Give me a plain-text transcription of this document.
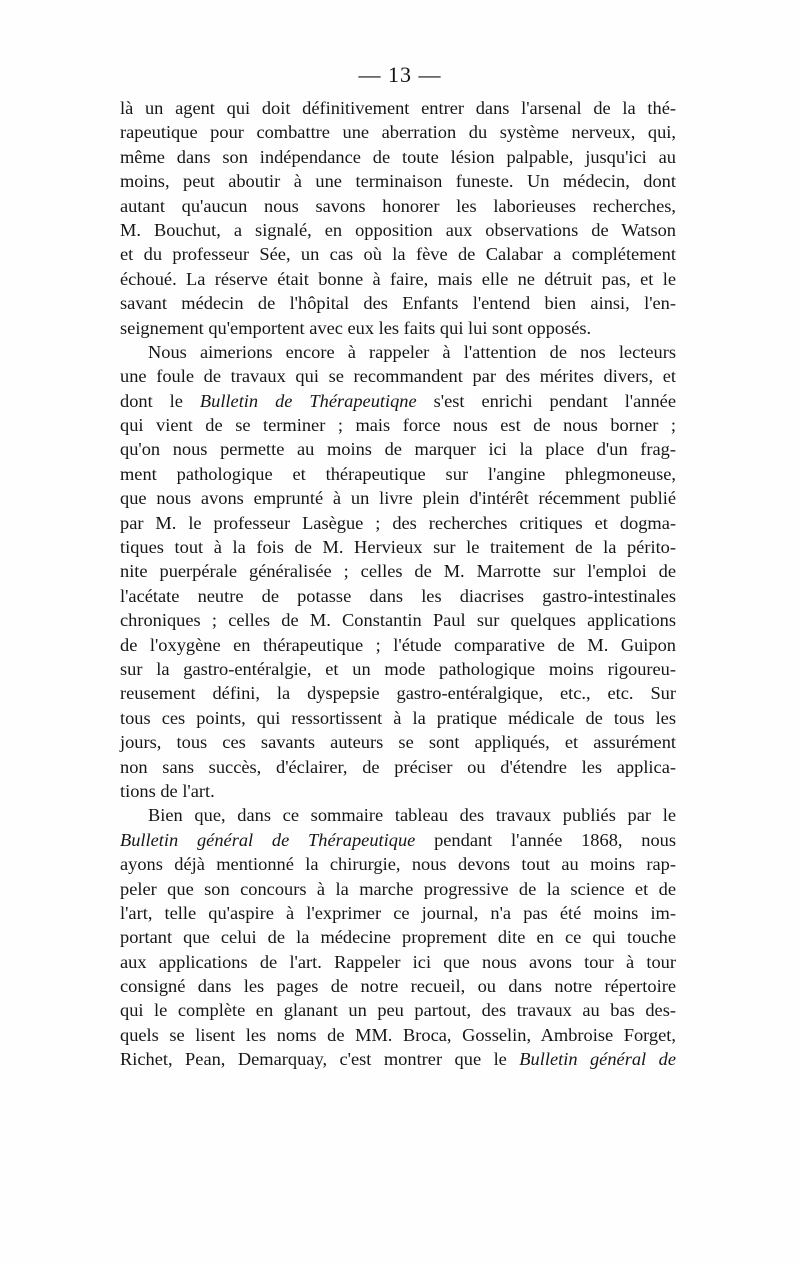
— 13 —
là un agent qui doit définitivement entrer dans l'arsenal de la thé-
rapeutique pour combattre une aberration du système nerveux, qui,
même dans son indépendance de toute lésion palpable, jusqu'ici au
moins, peut aboutir à une terminaison funeste. Un médecin, dont
autant qu'aucun nous savons honorer les laborieuses recherches,
M. Bouchut, a signalé, en opposition aux observations de Watson
et du professeur Sée, un cas où la fève de Calabar a complétement
échoué. La réserve était bonne à faire, mais elle ne détruit pas, et le
savant médecin de l'hôpital des Enfants l'entend bien ainsi, l'en-
seignement qu'emportent avec eux les faits qui lui sont opposés.
Nous aimerions encore à rappeler à l'attention de nos lecteurs
une foule de travaux qui se recommandent par des mérites divers, et
dont le Bulletin de Thérapeutiqne s'est enrichi pendant l'année
qui vient de se terminer ; mais force nous est de nous borner ;
qu'on nous permette au moins de marquer ici la place d'un frag-
ment pathologique et thérapeutique sur l'angine phlegmoneuse,
que nous avons emprunté à un livre plein d'intérêt récemment publié
par M. le professeur Lasègue ; des recherches critiques et dogma-
tiques tout à la fois de M. Hervieux sur le traitement de la périto-
nite puerpérale généralisée ; celles de M. Marrotte sur l'emploi de
l'acétate neutre de potasse dans les diacrises gastro-intestinales
chroniques ; celles de M. Constantin Paul sur quelques applications
de l'oxygène en thérapeutique ; l'étude comparative de M. Guipon
sur la gastro-entéralgie, et un mode pathologique moins rigoureu-
reusement défini, la dyspepsie gastro-entéralgique, etc., etc. Sur
tous ces points, qui ressortissent à la pratique médicale de tous les
jours, tous ces savants auteurs se sont appliqués, et assurément
non sans succès, d'éclairer, de préciser ou d'étendre les applica-
tions de l'art.
Bien que, dans ce sommaire tableau des travaux publiés par le
Bulletin général de Thérapeutique pendant l'année 1868, nous
ayons déjà mentionné la chirurgie, nous devons tout au moins rap-
peler que son concours à la marche progressive de la science et de
l'art, telle qu'aspire à l'exprimer ce journal, n'a pas été moins im-
portant que celui de la médecine proprement dite en ce qui touche
aux applications de l'art. Rappeler ici que nous avons tour à tour
consigné dans les pages de notre recueil, ou dans notre répertoire
qui le complète en glanant un peu partout, des travaux au bas des-
quels se lisent les noms de MM. Broca, Gosselin, Ambroise Forget,
Richet, Pean, Demarquay, c'est montrer que le Bulletin général de
